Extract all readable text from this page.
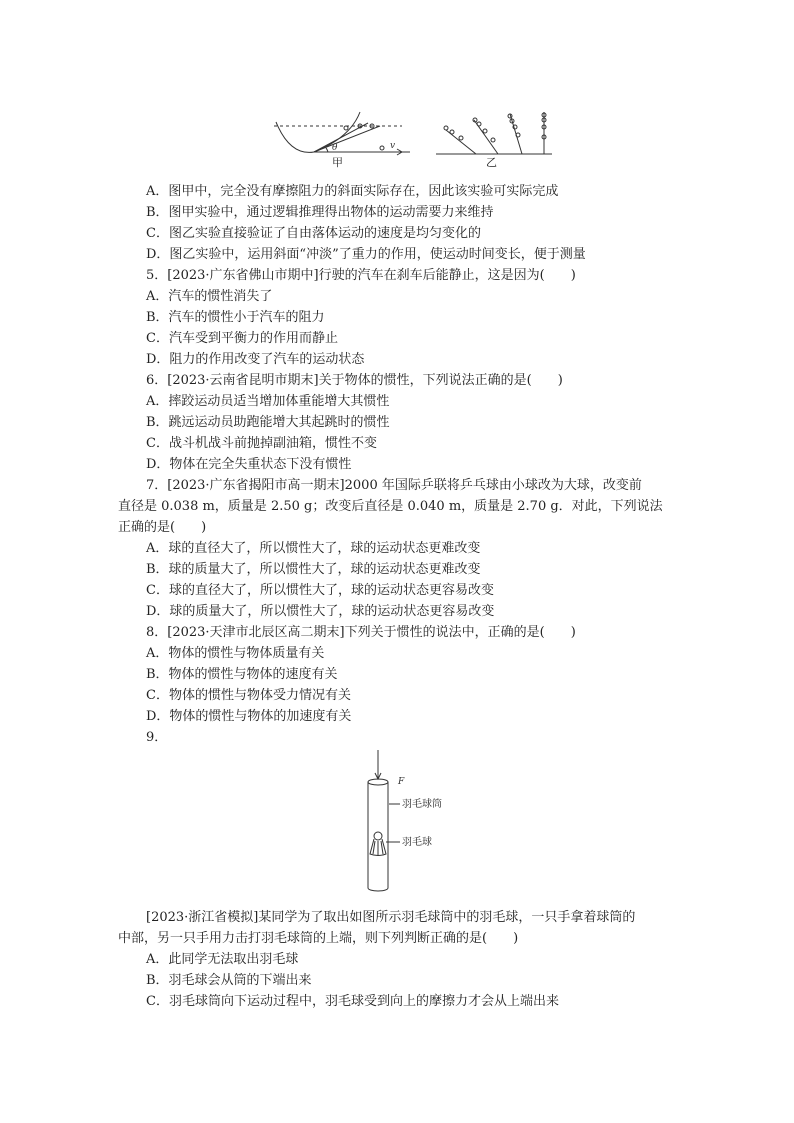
θ	v
甲	乙
A．图甲中，完全没有摩擦阻力的斜面实际存在，因此该实验可实际完成
B．图甲实验中，通过逻辑推理得出物体的运动需要力来维持
C．图乙实验直接验证了自由落体运动的速度是均匀变化的
D．图乙实验中，运用斜面“冲淡”了重力的作用，使运动时间变长，便于测量
5．[2023·广东省佛山市期中]行驶的汽车在刹车后能静止，这是因为(　　)
A．汽车的惯性消失了
B．汽车的惯性小于汽车的阻力
C．汽车受到平衡力的作用而静止
D．阻力的作用改变了汽车的运动状态
6．[2023·云南省昆明市期末]关于物体的惯性，下列说法正确的是(　　)
A．摔跤运动员适当增加体重能增大其惯性
B．跳远运动员助跑能增大其起跳时的惯性
C．战斗机战斗前抛掉副油箱，惯性不变
D．物体在完全失重状态下没有惯性
7．[2023·广东省揭阳市高一期末]2000 年国际乒联将乒乓球由小球改为大球，改变前
直径是 0.038 m，质量是 2.50 g；改变后直径是 0.040 m，质量是 2.70 g．对此，下列说法
正确的是(　　)
A．球的直径大了，所以惯性大了，球的运动状态更难改变
B．球的质量大了，所以惯性大了，球的运动状态更难改变
C．球的直径大了，所以惯性大了，球的运动状态更容易改变
D．球的质量大了，所以惯性大了，球的运动状态更容易改变
8．[2023·天津市北辰区高二期末]下列关于惯性的说法中，正确的是(　　)
A．物体的惯性与物体质量有关
B．物体的惯性与物体的速度有关
C．物体的惯性与物体受力情况有关
D．物体的惯性与物体的加速度有关
9．
F
羽毛球筒
羽毛球
[2023·浙江省模拟]某同学为了取出如图所示羽毛球筒中的羽毛球，一只手拿着球筒的
中部，另一只手用力击打羽毛球筒的上端，则下列判断正确的是(　　)
A．此同学无法取出羽毛球
B．羽毛球会从筒的下端出来
C．羽毛球筒向下运动过程中，羽毛球受到向上的摩擦力才会从上端出来
